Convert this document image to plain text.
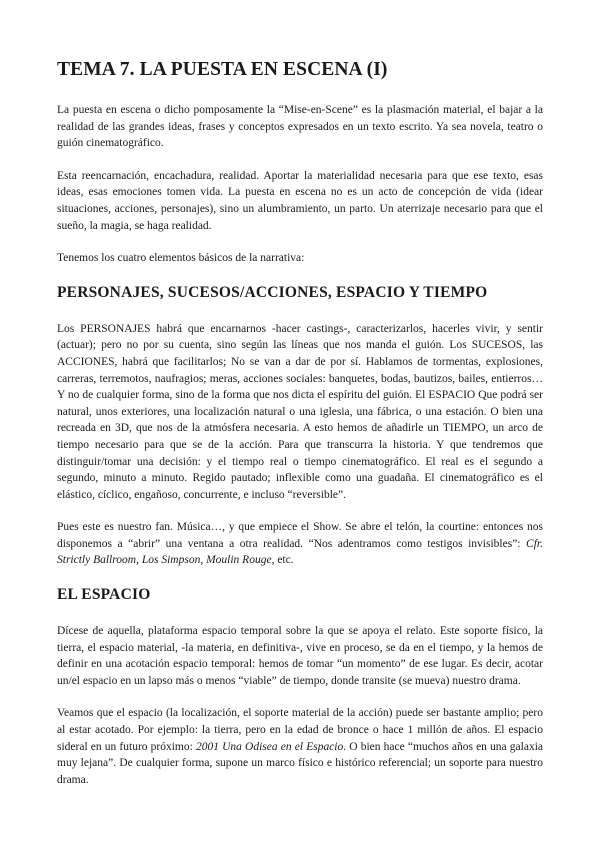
TEMA 7. LA PUESTA EN ESCENA (I)

La puesta en escena o dicho pomposamente la “Mise-en-Scene” es la plasmación material, el bajar a la realidad de las grandes ideas, frases y conceptos expresados en un texto escrito. Ya sea novela, teatro o guión cinematográfico.

Esta reencarnación, encachadura, realidad. Aportar la materialidad necesaria para que ese texto, esas ideas, esas emociones tomen vida. La puesta en escena no es un acto de concepción de vida (idear situaciones, acciones, personajes), sino un alumbramiento, un parto. Un aterrizaje necesario para que el sueño, la magia, se haga realidad.

Tenemos los cuatro elementos básicos de la narrativa:

PERSONAJES, SUCESOS/ACCIONES, ESPACIO Y TIEMPO

Los PERSONAJES habrá que encarnarnos -hacer castings-, caracterizarlos, hacerles vivir, y sentir (actuar); pero no por su cuenta, sino según las líneas que nos manda el guión. Los SUCESOS, las ACCIONES, habrá que facilitarlos; No se van a dar de por sí. Hablamos de tormentas, explosiones, carreras, terremotos, naufragios; meras, acciones sociales: banquetes, bodas, bautizos, bailes, entierros… Y no de cualquier forma, sino de la forma que nos dicta el espíritu del guión. El ESPACIO Que podrá ser natural, unos exteriores, una localización natural o una iglesia, una fábrica, o una estación. O bien una recreada en 3D, que nos de la atmósfera necesaria. A esto hemos de añadirle un TIEMPO, un arco de tiempo necesario para que se de la acción. Para que transcurra la historia. Y que tendremos que distinguir/tomar una decisión: y el tiempo real o tiempo cinematográfico. El real es el segundo a segundo, minuto a minuto. Regido pautado; inflexible como una guadaña. El cinematográfico es el elástico, cíclico, engañoso, concurrente, e incluso “reversible”.

Pues este es nuestro fan. Música…, y que empiece el Show. Se abre el telón, la courtine: entonces nos disponemos a “abrir” una ventana a otra realidad. “Nos adentramos como testigos invisibles”: Cfr. Strictly Ballroom, Los Simpson, Moulin Rouge, etc.

EL ESPACIO

Dícese de aquella, plataforma espacio temporal sobre la que se apoya el relato. Este soporte físico, la tierra, el espacio material, -la materia, en definitiva-, vive en proceso, se da en el tiempo, y la hemos de definir en una acotación espacio temporal: hemos de tomar “un momento” de ese lugar. Es decir, acotar un/el espacio en un lapso más o menos “viable” de tiempo, donde transite (se mueva) nuestro drama.

Veamos que el espacio (la localización, el soporte material de la acción) puede ser bastante amplio; pero al estar acotado. Por ejemplo: la tierra, pero en la edad de bronce o hace 1 millón de años. El espacio sideral en un futuro próximo: 2001 Una Odisea en el Espacio. O bien hace “muchos años en una galaxia muy lejana”. De cualquier forma, supone un marco físico e histórico referencial; un soporte para nuestro drama.
